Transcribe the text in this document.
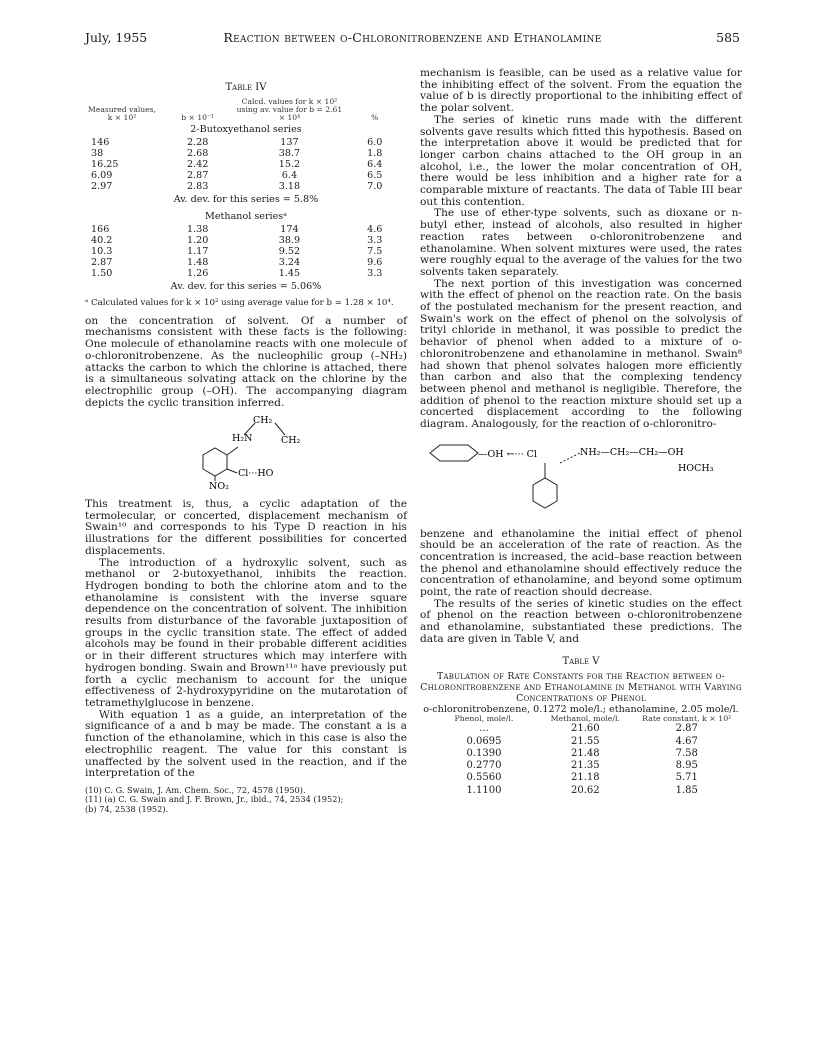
July, 1955	Reaction between o-Chloronitrobenzene and Ethanolamine	585
Table IV
Measured values, k × 10²	b × 10⁻¹	Calcd. values for k × 10² using av. value for b = 2.61 × 10⁴	%
2-Butoxyethanol series			
146	2.28	137	6.0
38	2.68	38.7	1.8
16.25	2.42	15.2	6.4
6.09	2.87	6.4	6.5
2.97	2.83	3.18	7.0
Av. dev. for this series = 5.8%			
Methanol seriesᵃ			
166	1.38	174	4.6
40.2	1.20	38.9	3.3
10.3	1.17	9.52	7.5
2.87	1.48	3.24	9.6
1.50	1.26	1.45	3.3
Av. dev. for this series = 5.06%			
ᵃ Calculated values for k × 10² using average value for b = 1.28 × 10⁴.

on the concentration of solvent. Of a number of mechanisms consistent with these facts is the following: One molecule of ethanolamine reacts with one molecule of o-chloronitrobenzene. As the nucleophilic group (–NH₂) attacks the carbon to which the chlorine is attached, there is a simultaneous solvating attack on the chlorine by the electrophilic group (–OH). The accompanying diagram depicts the cyclic transition inferred.

CH₂
H₂N	CH₂
Cl···HO
NO₂

This treatment is, thus, a cyclic adaptation of the termolecular, or concerted, displacement mechanism of Swain¹⁰ and corresponds to his Type D reaction in his illustrations for the different possibilities for concerted displacements.

The introduction of a hydroxylic solvent, such as methanol or 2-butoxyethanol, inhibits the reaction. Hydrogen bonding to both the chlorine atom and to the ethanolamine is consistent with the inverse square dependence on the concentration of solvent. The inhibition results from disturbance of the favorable juxtaposition of groups in the cyclic transition state. The effect of added alcohols may be found in their probable different acidities or in their different structures which may interfere with hydrogen bonding. Swain and Brown¹¹ᵃ have previously put forth a cyclic mechanism to account for the unique effectiveness of 2-hydroxypyridine on the mutarotation of tetramethylglucose in benzene.

With equation 1 as a guide, an interpretation of the significance of a and b may be made. The constant a is a function of the ethanolamine, which in this case is also the electrophilic reagent. The value for this constant is unaffected by the solvent used in the reaction, and if the interpretation of the

(10) C. G. Swain, J. Am. Chem. Soc., 72, 4578 (1950).
(11) (a) C. G. Swain and J. F. Brown, Jr., ibid., 74, 2534 (1952);
(b) 74, 2538 (1952).

mechanism is feasible, can be used as a relative value for the inhibiting effect of the solvent. From the equation the value of b is directly proportional to the inhibiting effect of the polar solvent.

The series of kinetic runs made with the different solvents gave results which fitted this hypothesis. Based on the interpretation above it would be predicted that for longer carbon chains attached to the OH group in an alcohol, i.e., the lower the molar concentration of OH, there would be less inhibition and a higher rate for a comparable mixture of reactants. The data of Table III bear out this contention.

The use of ether-type solvents, such as dioxane or n-butyl ether, instead of alcohols, also resulted in higher reaction rates between o-chloronitrobenzene and ethanolamine. When solvent mixtures were used, the rates were roughly equal to the average of the values for the two solvents taken separately.

The next portion of this investigation was concerned with the effect of phenol on the reaction rate. On the basis of the postulated mechanism for the present reaction, and Swain's work on the effect of phenol on the solvolysis of trityl chloride in methanol, it was possible to predict the behavior of phenol when added to a mixture of o-chloronitrobenzene and ethanolamine in methanol. Swain⁸ had shown that phenol solvates halogen more efficiently than carbon and also that the complexing tendency between phenol and methanol is negligible. Therefore, the addition of phenol to the reaction mixture should set up a concerted displacement according to the following diagram. Analogously, for the reaction of o-chloronitro-

—OH ←··· Cl	NH₂—CH₂—CH₂—OH
HOCH₃

benzene and ethanolamine the initial effect of phenol should be an acceleration of the rate of reaction. As the concentration is increased, the acid–base reaction between the phenol and ethanolamine should effectively reduce the concentration of ethanolamine, and beyond some optimum point, the rate of reaction should decrease.

The results of the series of kinetic studies on the effect of phenol on the reaction between o-chloronitrobenzene and ethanolamine, substantiated these predictions. The data are given in Table V, and

Table V
Tabulation of Rate Constants for the Reaction between o-Chloronitrobenzene and Ethanolamine in Methanol with Varying Concentrations of Phenol
o-chloronitrobenzene, 0.1272 mole/l.; ethanolamine, 2.05 mole/l.
Phenol, mole/l.	Methanol, mole/l.	Rate constant, k × 10²
...	21.60	2.87
0.0695	21.55	4.67
0.1390	21.48	7.58
0.2770	21.35	8.95
0.5560	21.18	5.71
1.1100	20.62	1.85
